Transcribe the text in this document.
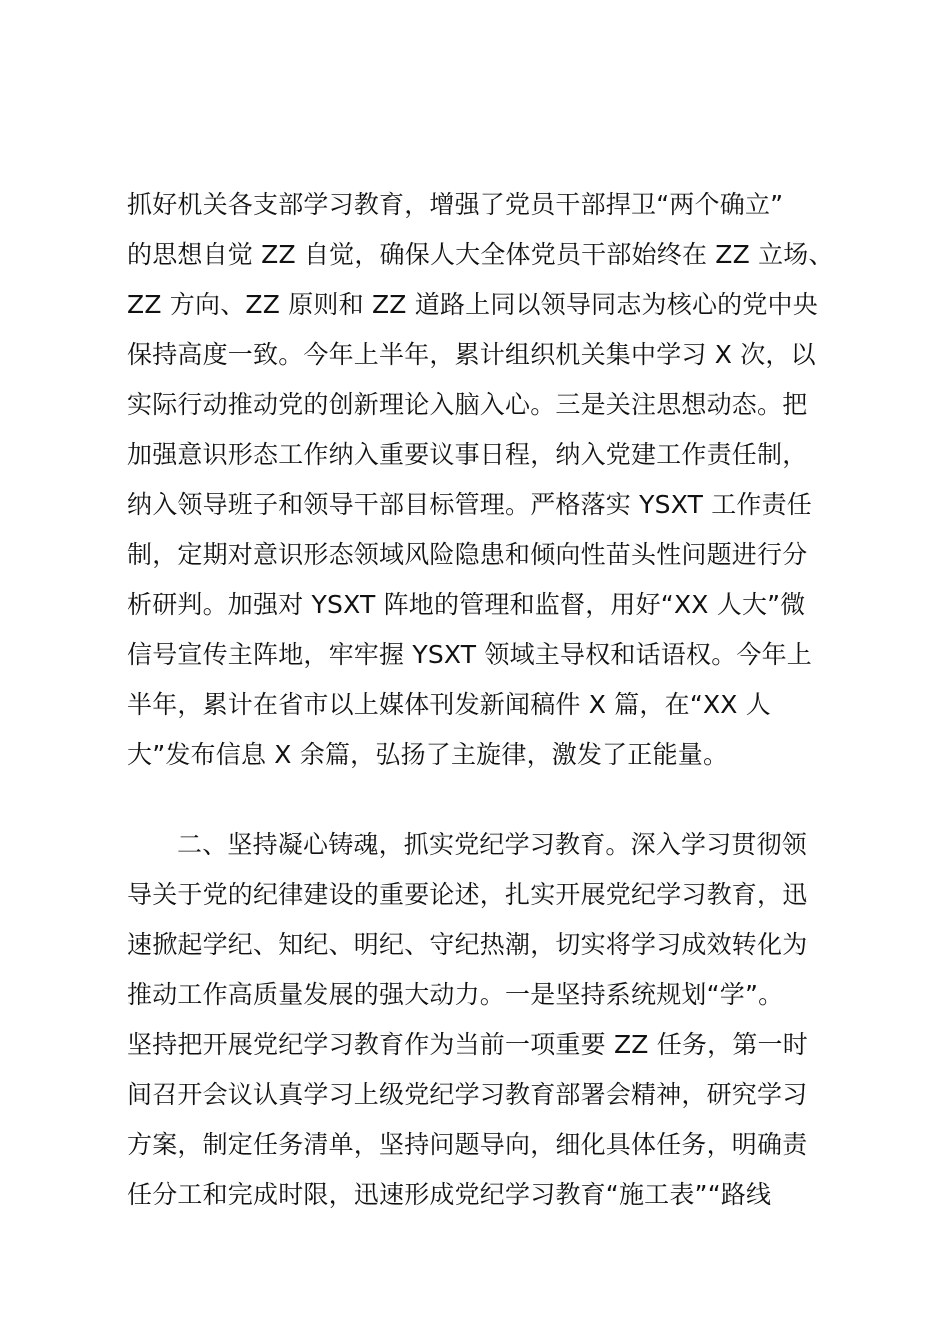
抓好机关各支部学习教育，增强了党员干部捍卫“两个确立”
的思想自觉 ZZ 自觉，确保人大全体党员干部始终在 ZZ 立场、
ZZ 方向、ZZ 原则和 ZZ 道路上同以领导同志为核心的党中央
保持高度一致。今年上半年，累计组织机关集中学习 X 次，以
实际行动推动党的创新理论入脑入心。三是关注思想动态。把
加强意识形态工作纳入重要议事日程，纳入党建工作责任制，
纳入领导班子和领导干部目标管理。严格落实 YSXT 工作责任
制，定期对意识形态领域风险隐患和倾向性苗头性问题进行分
析研判。加强对 YSXT 阵地的管理和监督，用好“XX 人大”微
信号宣传主阵地，牢牢握 YSXT 领域主导权和话语权。今年上
半年，累计在省市以上媒体刊发新闻稿件 X 篇，在“XX 人
大”发布信息 X 余篇，弘扬了主旋律，激发了正能量。
二、坚持凝心铸魂，抓实党纪学习教育。深入学习贯彻领
导关于党的纪律建设的重要论述，扎实开展党纪学习教育，迅
速掀起学纪、知纪、明纪、守纪热潮，切实将学习成效转化为
推动工作高质量发展的强大动力。一是坚持系统规划“学”。
坚持把开展党纪学习教育作为当前一项重要 ZZ 任务，第一时
间召开会议认真学习上级党纪学习教育部署会精神，研究学习
方案，制定任务清单，坚持问题导向，细化具体任务，明确责
任分工和完成时限，迅速形成党纪学习教育“施工表”“路线
